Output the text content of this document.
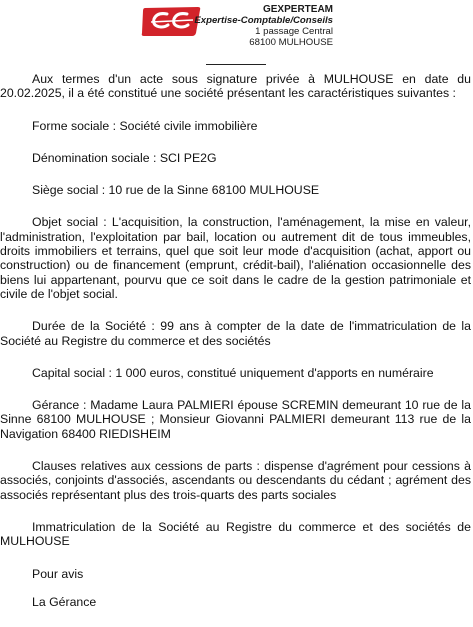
GEXPERTEAM
Expertise-Comptable/Conseils
1 passage Central
68100 MULHOUSE

Aux termes d'un acte sous signature privée à MULHOUSE en date du 20.02.2025, il a été constitué une société présentant les caractéristiques suivantes :

Forme sociale : Société civile immobilière

Dénomination sociale : SCI PE2G

Siège social : 10 rue de la Sinne 68100 MULHOUSE

Objet social : L'acquisition, la construction, l'aménagement, la mise en valeur, l'administration, l'exploitation par bail, location ou autrement dit de tous immeubles, droits immobiliers et terrains, quel que soit leur mode d'acquisition (achat, apport ou construction) ou de financement (emprunt, crédit-bail), l'aliénation occasionnelle des biens lui appartenant, pourvu que ce soit dans le cadre de la gestion patrimoniale et civile de l'objet social.

Durée de la Société : 99 ans à compter de la date de l'immatriculation de la Société au Registre du commerce et des sociétés

Capital social : 1 000 euros, constitué uniquement d'apports en numéraire

Gérance : Madame Laura PALMIERI épouse SCREMIN demeurant 10 rue de la Sinne 68100 MULHOUSE ; Monsieur Giovanni PALMIERI demeurant 113 rue de la Navigation 68400 RIEDISHEIM

Clauses relatives aux cessions de parts : dispense d'agrément pour cessions à associés, conjoints d'associés, ascendants ou descendants du cédant ; agrément des associés représentant plus des trois-quarts des parts sociales

Immatriculation de la Société au Registre du commerce et des sociétés de MULHOUSE

Pour avis

La Gérance
